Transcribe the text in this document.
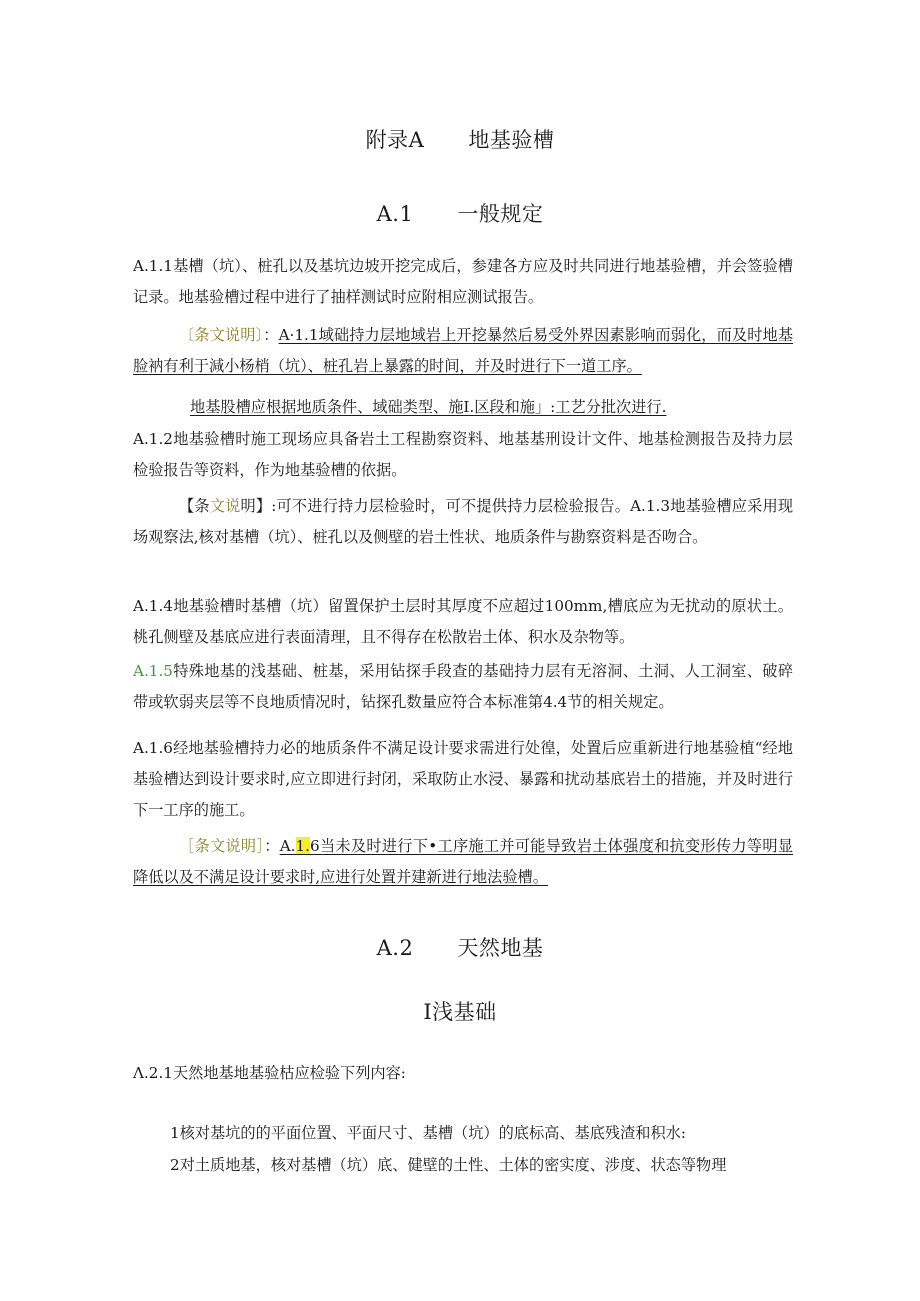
附录A 地基验槽
A.1 一般规定
A.1.1基槽（坑）、桩孔以及基坑边坡开挖完成后，参建各方应及时共同进行地基验槽，并会签验槽记录。地基验槽过程中进行了抽样测试时应附相应测试报告。
〔条文说明〕：A·1.1域础持力层地域岩上开挖暴然后易受外界因素影响而弱化，而及时地基脸衲有利于減小杨梢（坑）、桩孔岩上暴露的时间，并及时进行下一道工序。
地基股槽应根据地质条件、域础类型、施I.区段和施」:工艺分批次进行.
A.1.2地基验槽时施工现场应具备岩土工程勘察资料、地基基刑设计文件、地基检测报告及持力层检验报告等资料，作为地基验槽的依据。
【条文说明】:可不进行持力层检验时，可不提供持力层检验报告。A.1.3地基验槽应采用现场观察法,核对基槽（坑）、桩孔以及侧壁的岩土性状、地质条件与勘察资料是否吻合。
A.1.4地基验槽时基槽（坑）留置保护土层时其厚度不应超过100mm,槽底应为无扰动的原状土。桃孔侧壁及基底应进行表面清理，且不得存在松散岩土体、积水及杂物等。
A.1.5特殊地基的浅基础、桩基，采用钻探手段查的基础持力层有无溶洞、土洞、人工洞室、破碎带或软弱夹层等不良地质情况时，钻探孔数量应符合本标准第4.4节的相关规定。
A.1.6经地基验槽持力必的地质条件不满足设计要求需进行处徨，处置后应重新进行地基验植“经地基验槽达到设计要求时,应立即进行封闭，采取防止水浸、暴露和扰动基底岩土的措施，并及时进行下一工序的施工。
［条文说明］：A.1.6当未及时进行下•工序施工并可能导致岩土体强度和抗变形传力等明显降低以及不满足设计要求时,应进行处置并建新进行地法验槽。
A.2 天然地基
I浅基础
Λ.2.1天然地基地基验枯应检验下列内容:
1核对基坑的的平面位置、平面尺寸、基槽（坑）的底标高、基底残渣和积水:
2对土质地基，核对基槽（坑）底、健壁的土性、土体的密实度、涉度、状态等物理
